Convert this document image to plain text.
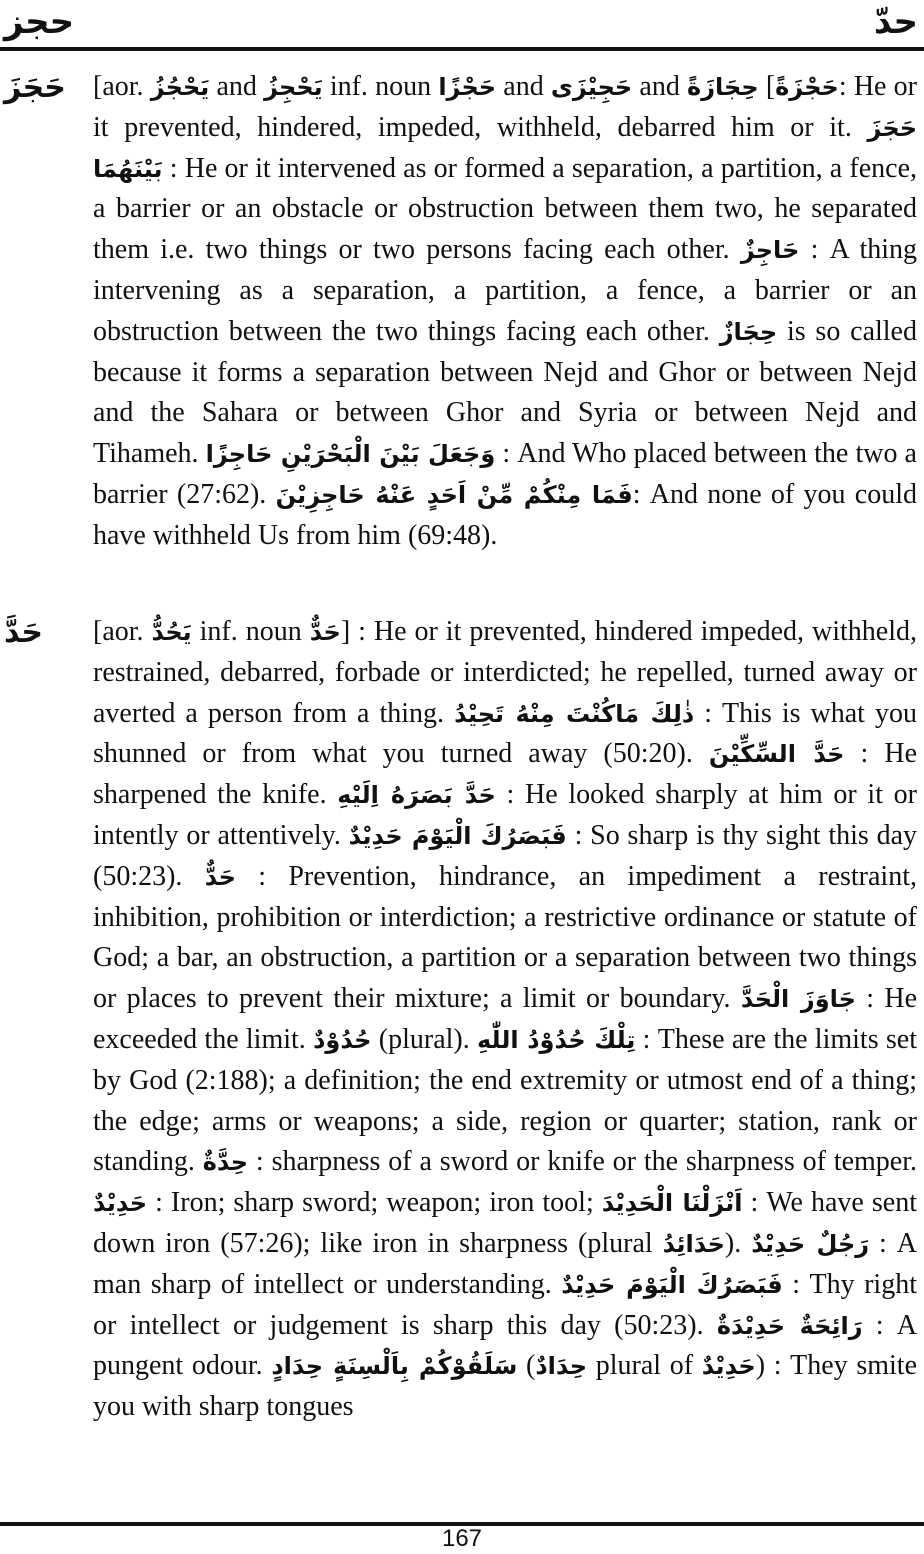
حجز	حدّ
حَجَزَ [aor. يَحْجُزُ and يَحْجِزُ inf. noun حَجْزًا and حَجِيْزَى and حِجَازَةً [حَجْزَةً: He or it prevented, hindered, impeded, withheld, debarred him or it. حَجَزَ بَيْنَهُمَا : He or it intervened as or formed a separation, a partition, a fence, a barrier or an obstacle or obstruction between them two, he separated them i.e. two things or two persons facing each other. حَاجِزٌ : A thing intervening as a separation, a partition, a fence, a barrier or an obstruction between the two things facing each other. حِجَازٌ is so called because it forms a separation between Nejd and Ghor or between Nejd and the Sahara or between Ghor and Syria or between Nejd and Tihameh. وَجَعَلَ بَيْنَ الْبَحْرَيْنِ حَاجِزًا : And Who placed between the two a barrier (27:62). فَمَا مِنْكُمْ مِّنْ اَحَدٍ عَنْهُ حَاجِزِيْنَ: And none of you could have withheld Us from him (69:48).

حَدَّ [aor. يَحُدُّ inf. noun حَدٌّ] : He or it prevented, hindered impeded, withheld, restrained, debarred, forbade or interdicted; he repelled, turned away or averted a person from a thing. ذٰلِكَ مَاكُنْتَ مِنْهُ تَحِيْدُ : This is what you shunned or from what you turned away (50:20). حَدَّ السِّكِّيْنَ : He sharpened the knife. حَدَّ بَصَرَهُ اِلَيْهِ : He looked sharply at him or it or intently or attentively. فَبَصَرُكَ الْيَوْمَ حَدِيْدٌ : So sharp is thy sight this day (50:23). حَدٌّ : Prevention, hindrance, an impediment a restraint, inhibition, prohibition or interdiction; a restrictive ordinance or statute of God; a bar, an obstruction, a partition or a separation between two things or places to prevent their mixture; a limit or boundary. جَاوَزَ الْحَدَّ : He exceeded the limit. حُدُوْدٌ (plural). تِلْكَ حُدُوْدُ اللّٰهِ : These are the limits set by God (2:188); a definition; the end extremity or utmost end of a thing; the edge; arms or weapons; a side, region or quarter; station, rank or standing. حِدَّةٌ : sharpness of a sword or knife or the sharpness of temper. حَدِيْدٌ : Iron; sharp sword; weapon; iron tool; اَنْزَلْنَا الْحَدِيْدَ : We have sent down iron (57:26); like iron in sharpness (plural حَدَائِدُ). رَجُلٌ حَدِيْدٌ : A man sharp of intellect or understanding. فَبَصَرُكَ الْيَوْمَ حَدِيْدٌ : Thy right or intellect or judgement is sharp this day (50:23). رَائِحَةٌ حَدِيْدَةٌ : A pungent odour. سَلَقُوْكُمْ بِاَلْسِنَةٍ حِدَادٍ (حِدَادٌ plural of حَدِيْدٌ) : They smite you with sharp tongues

167
